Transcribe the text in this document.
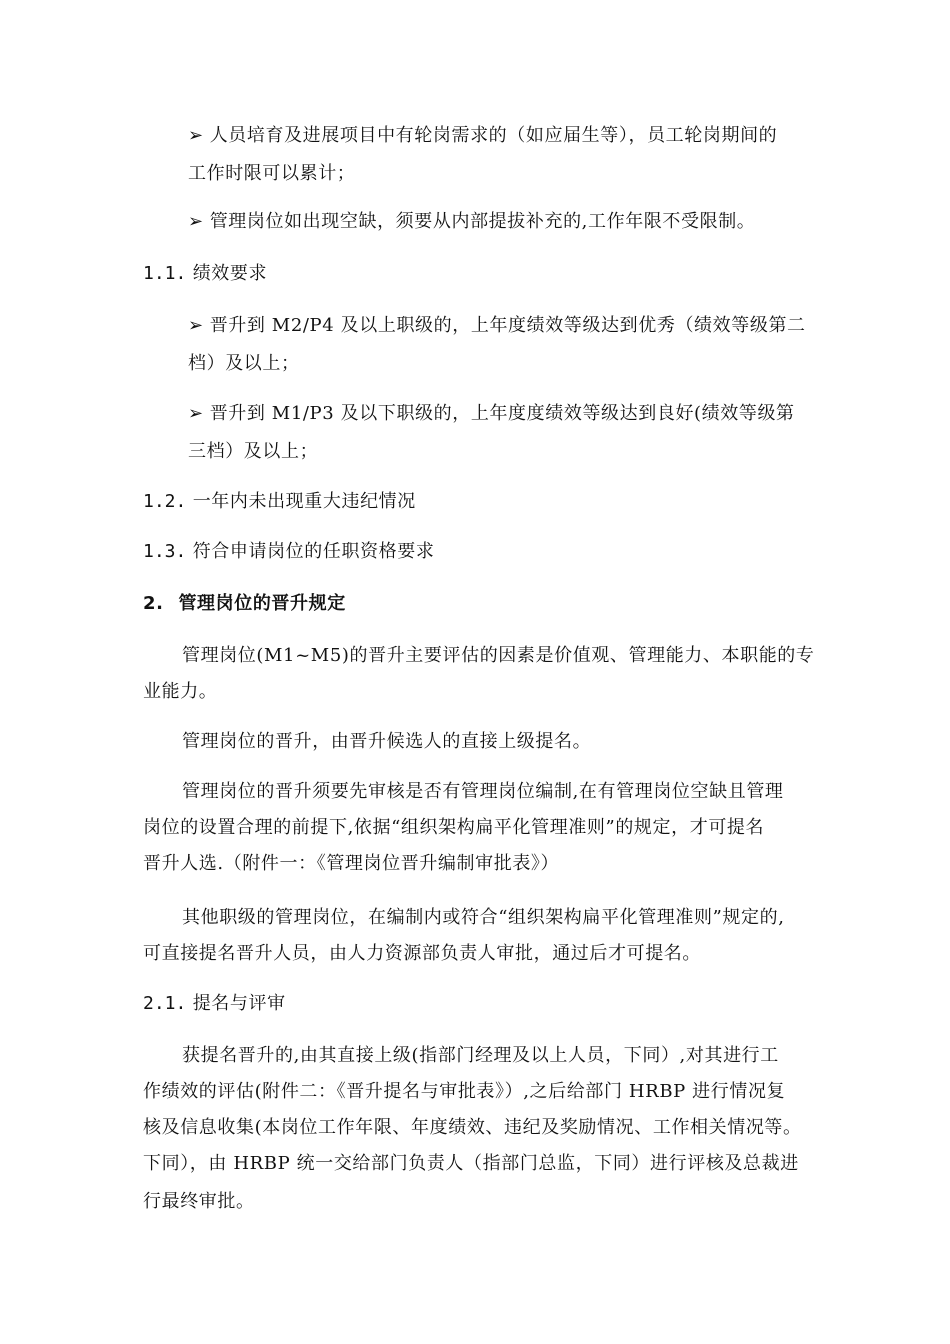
➢ 人员培育及进展项目中有轮岗需求的（如应届生等），员工轮岗期间的
工作时限可以累计；
➢ 管理岗位如出现空缺，须要从内部提拔补充的,工作年限不受限制。
1.1. 绩效要求
➢ 晋升到 M2/P4 及以上职级的，上年度绩效等级达到优秀（绩效等级第二
档）及以上；
➢ 晋升到 M1/P3 及以下职级的，上年度度绩效等级达到良好(绩效等级第
三档）及以上；
1.2. 一年内未出现重大违纪情况
1.3. 符合申请岗位的任职资格要求
2. 管理岗位的晋升规定
管理岗位(M1~M5)的晋升主要评估的因素是价值观、管理能力、本职能的专
业能力。
管理岗位的晋升，由晋升候选人的直接上级提名。
管理岗位的晋升须要先审核是否有管理岗位编制,在有管理岗位空缺且管理
岗位的设置合理的前提下,依据“组织架构扁平化管理准则”的规定，才可提名
晋升人选.（附件一：《管理岗位晋升编制审批表》）
其他职级的管理岗位，在编制内或符合“组织架构扁平化管理准则”规定的,
可直接提名晋升人员，由人力资源部负责人审批，通过后才可提名。
2.1. 提名与评审
获提名晋升的,由其直接上级(指部门经理及以上人员，下同）,对其进行工
作绩效的评估(附件二：《晋升提名与审批表》）,之后给部门 HRBP 进行情况复
核及信息收集(本岗位工作年限、年度绩效、违纪及奖励情况、工作相关情况等。
下同），由 HRBP 统一交给部门负责人（指部门总监，下同）进行评核及总裁进
行最终审批。
